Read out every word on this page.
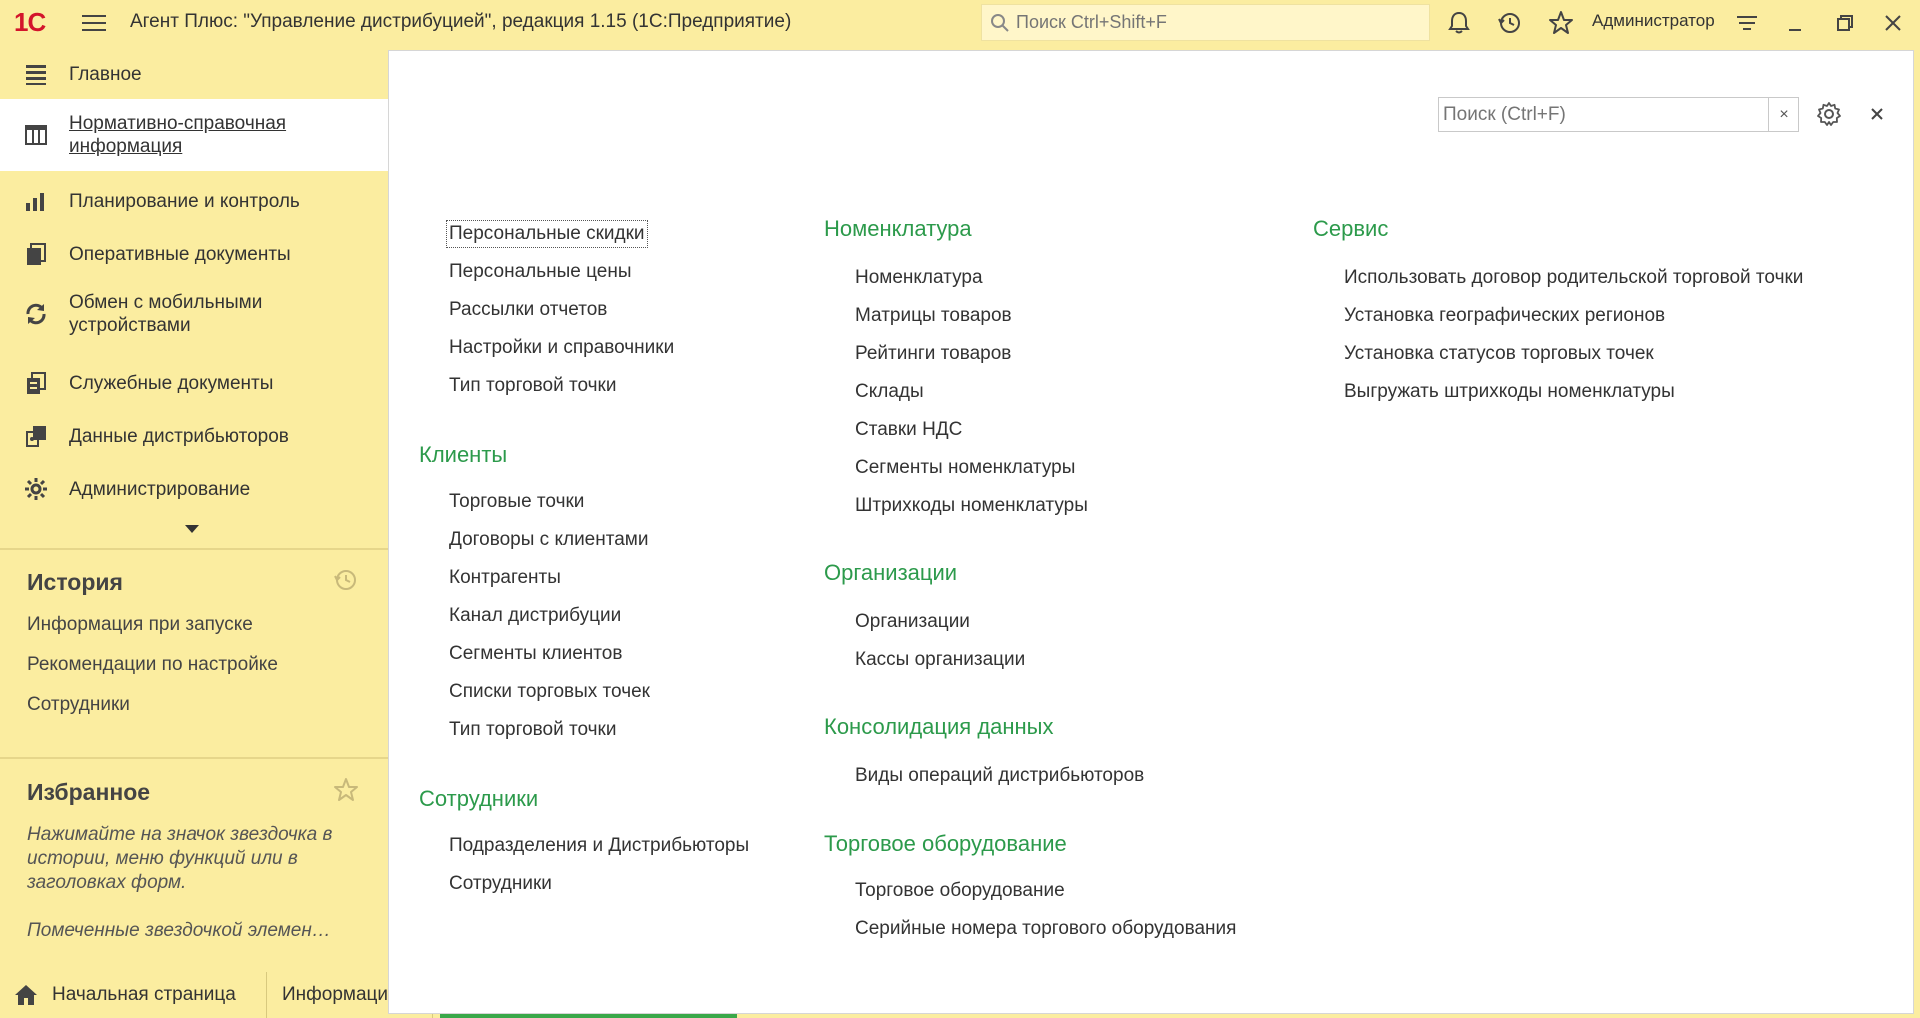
1С	Агент Плюс: "Управление дистрибуцией", редакция 1.15 (1С:Предприятие)
Поиск Ctrl+Shift+F	Администратор
Главное
Нормативно-справочная
информация
Планирование и контроль
Оперативные документы
Обмен с мобильными
устройствами
Служебные документы
Данные дистрибьюторов
Администрирование
История
Информация при запуске
Рекомендации по настройке
Сотрудники
Избранное
Нажимайте на значок звездочка в истории, меню функций или в заголовках форм.
Помеченные звездочкой элемен…
Начальная страница Информаци
Поиск (Ctrl+F)
×
Персональные скидки
Персональные цены
Рассылки отчетов
Настройки и справочники
Тип торговой точки
Клиенты
Торговые точки
Договоры с клиентами
Контрагенты
Канал дистрибуции
Сегменты клиентов
Списки торговых точек
Тип торговой точки
Сотрудники
Подразделения и Дистрибьюторы
Сотрудники
Номенклатура
Номенклатура
Матрицы товаров
Рейтинги товаров
Склады
Ставки НДС
Сегменты номенклатуры
Штрихкоды номенклатуры
Организации
Организации
Кассы организации
Консолидация данных
Виды операций дистрибьюторов
Торговое оборудование
Торговое оборудование
Серийные номера торгового оборудования
Сервис
Использовать договор родительской торговой точки
Установка географических регионов
Установка статусов торговых точек
Выгружать штрихкоды номенклатуры
